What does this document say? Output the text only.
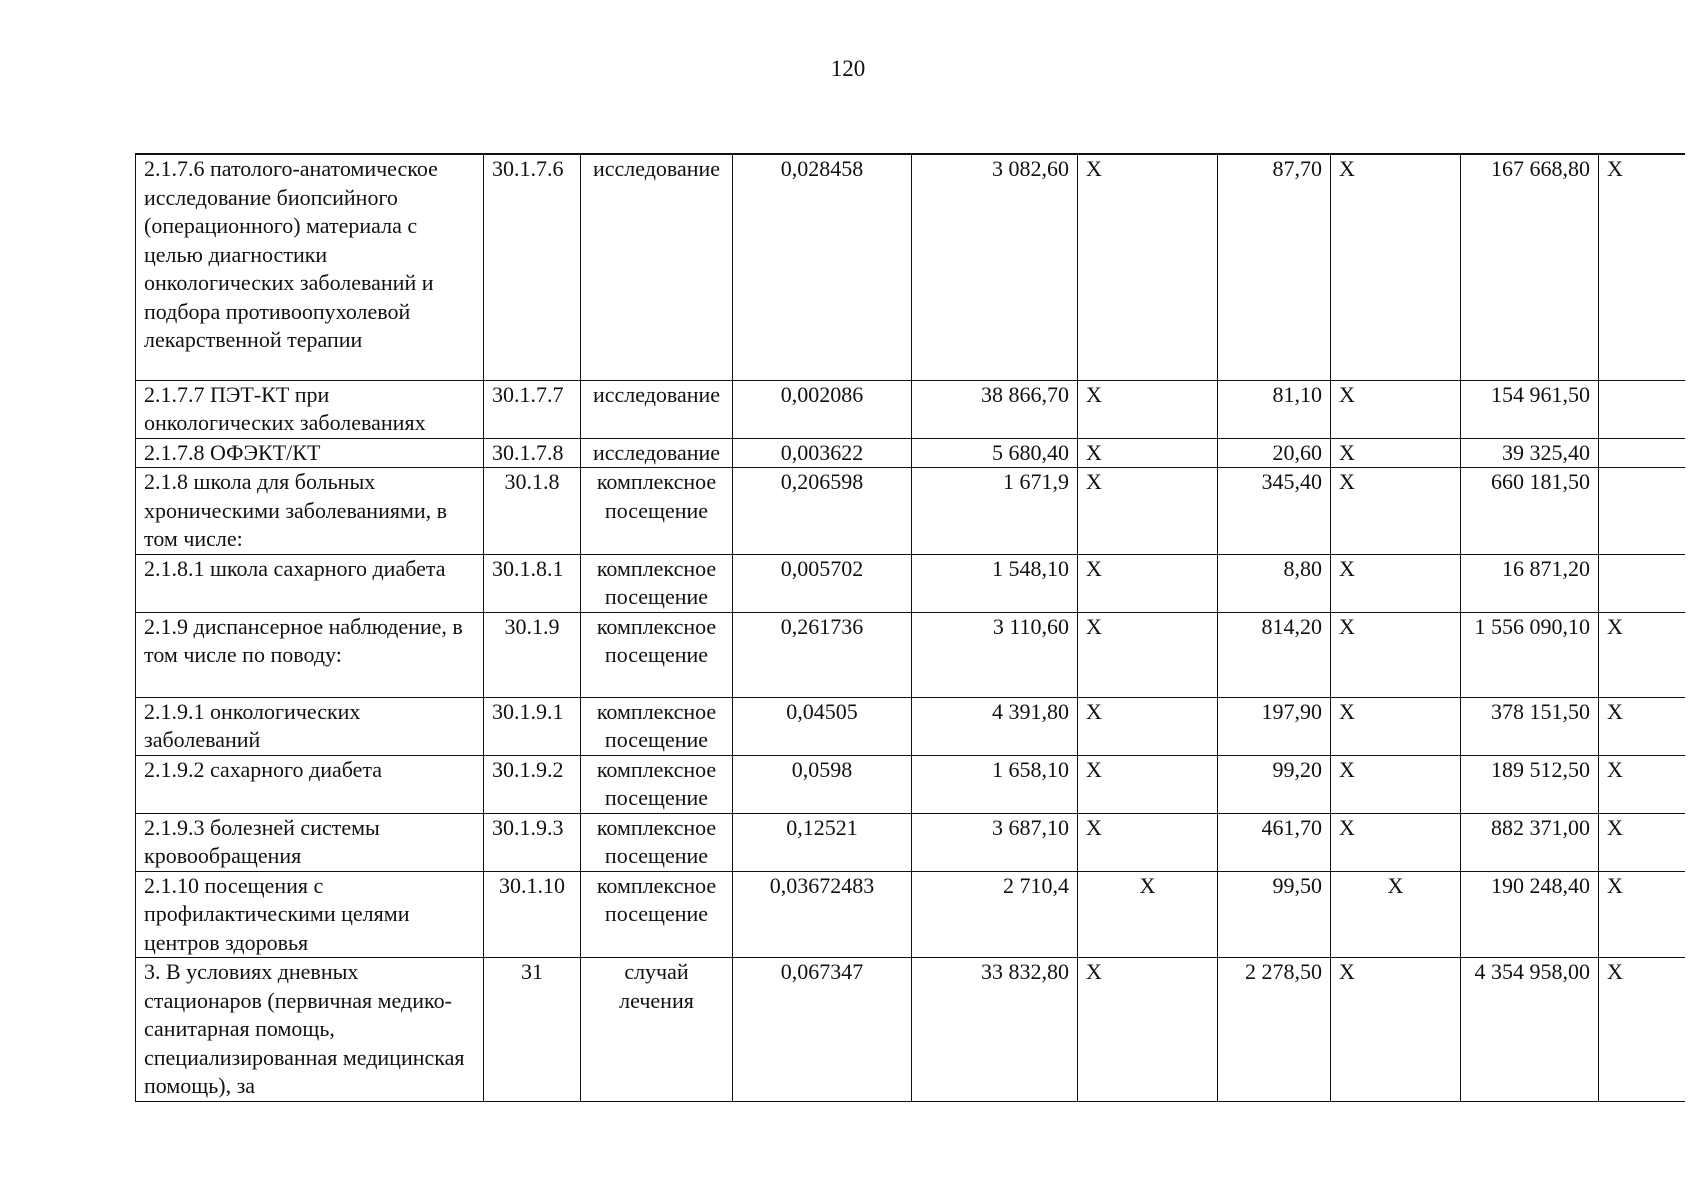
120
2.1.7.6 патолого-анатомическое исследование биопсийного (операционного) материала с целью диагностики онкологических заболеваний и подбора противоопухолевой лекарственной терапии	30.1.7.6	исследование	0,028458	3 082,60	X	87,70	X	167 668,80	X
2.1.7.7 ПЭТ-КТ при онкологических заболеваниях	30.1.7.7	исследование	0,002086	38 866,70	X	81,10	X	154 961,50	
2.1.7.8 ОФЭКТ/КТ	30.1.7.8	исследование	0,003622	5 680,40	X	20,60	X	39 325,40	
2.1.8 школа для больных хроническими заболеваниями, в том числе:	30.1.8	комплексное посещение	0,206598	1 671,9	X	345,40	X	660 181,50	
2.1.8.1 школа сахарного диабета	30.1.8.1	комплексное посещение	0,005702	1 548,10	X	8,80	X	16 871,20	
2.1.9 диспансерное наблюдение, в том числе по поводу:	30.1.9	комплексное посещение	0,261736	3 110,60	X	814,20	X	1 556 090,10	X
2.1.9.1 онкологических заболеваний	30.1.9.1	комплексное посещение	0,04505	4 391,80	X	197,90	X	378 151,50	X
2.1.9.2 сахарного диабета	30.1.9.2	комплексное посещение	0,0598	1 658,10	X	99,20	X	189 512,50	X
2.1.9.3 болезней системы кровообращения	30.1.9.3	комплексное посещение	0,12521	3 687,10	X	461,70	X	882 371,00	X
2.1.10 посещения с профилактическими целями центров здоровья	30.1.10	комплексное посещение	0,03672483	2 710,4	X	99,50	X	190 248,40	X
3. В условиях дневных стационаров (первичная медико-санитарная помощь, специализированная медицинская помощь), за	31	случай лечения	0,067347	33 832,80	X	2 278,50	X	4 354 958,00	X
